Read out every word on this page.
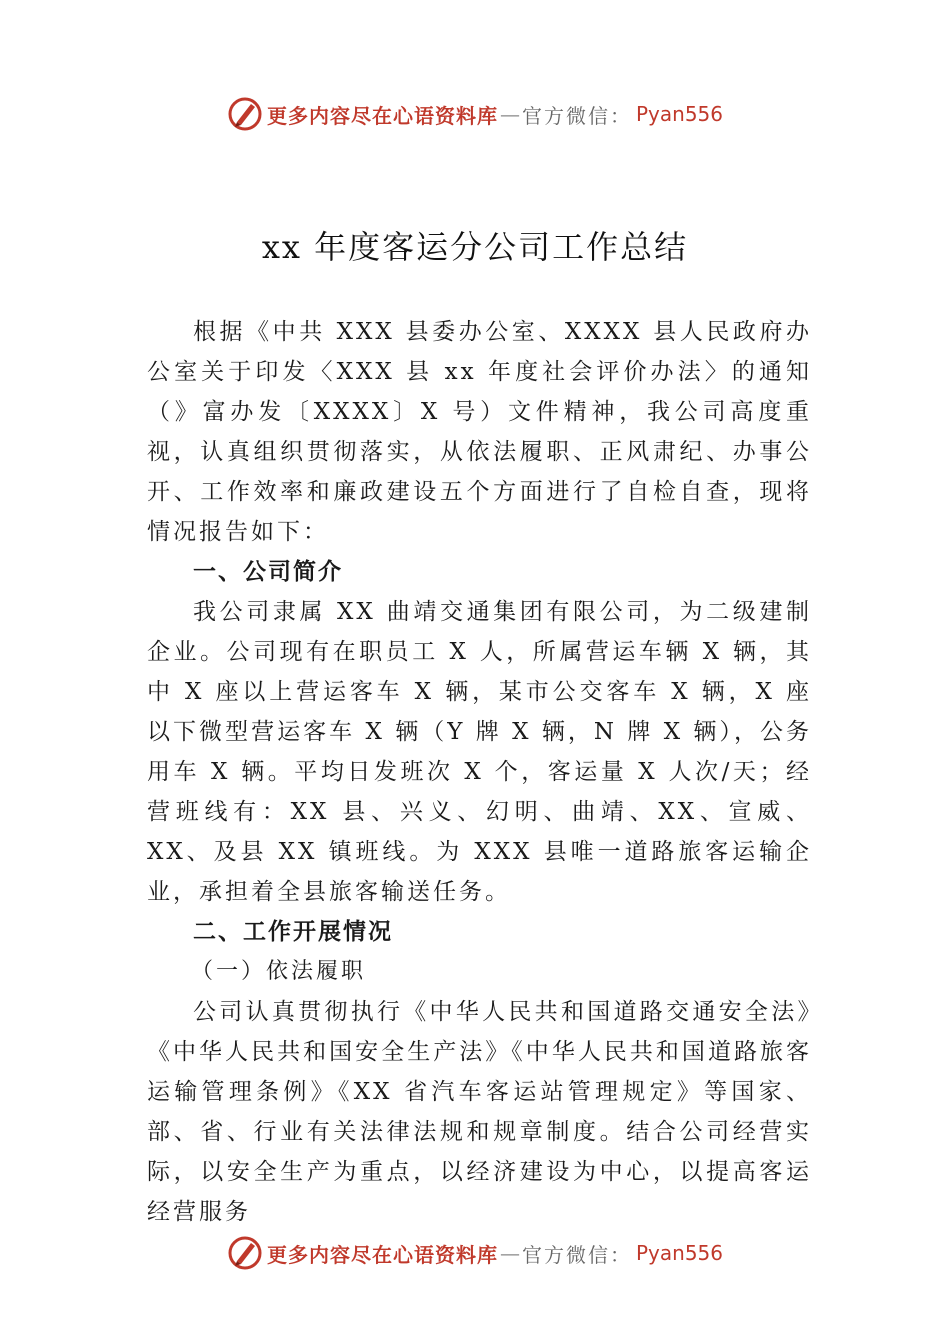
更多内容尽在心语资料库 — 官方微信： Pyan556
xx 年度客运分公司工作总结

根据《中共 XXX 县委办公室、XXXX 县人民政府办公室关于印发〈XXX 县 xx 年度社会评价办法〉的通知（》富办发〔XXXX〕X 号）文件精神，我公司高度重视，认真组织贯彻落实，从依法履职、正风肃纪、办事公开、工作效率和廉政建设五个方面进行了自检自查，现将情况报告如下：

一、公司简介

我公司隶属 XX 曲靖交通集团有限公司，为二级建制企业。公司现有在职员工 X 人，所属营运车辆 X 辆，其中 X 座以上营运客车 X 辆，某市公交客车 X 辆，X 座以下微型营运客车 X 辆（Y 牌 X 辆，N 牌 X 辆），公务用车 X 辆。平均日发班次 X 个，客运量 X 人次/天；经营班线有：XX 县、兴义、幻明、曲靖、XX、宣威、XX、及县 XX 镇班线。为 XXX 县唯一道路旅客运输企业，承担着全县旅客输送任务。

二、工作开展情况
（一）依法履职

公司认真贯彻执行《中华人民共和国道路交通安全法》《中华人民共和国安全生产法》《中华人民共和国道路旅客运输管理条例》《XX 省汽车客运站管理规定》等国家、部、省、行业有关法律法规和规章制度。结合公司经营实际，以安全生产为重点，以经济建设为中心，以提高客运经营服务

更多内容尽在心语资料库 — 官方微信： Pyan556
